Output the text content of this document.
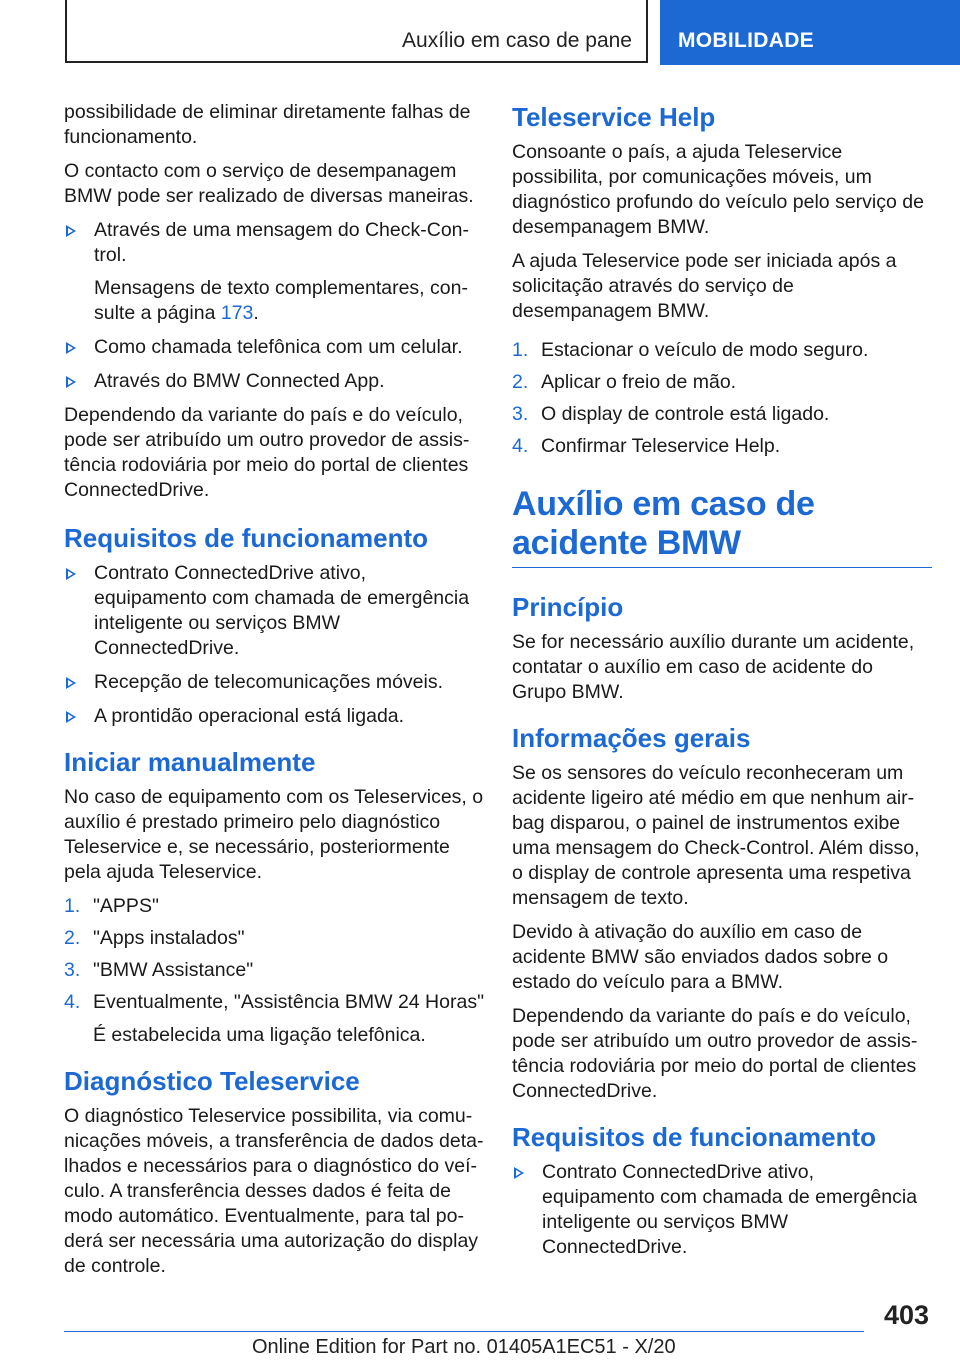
Auxílio em caso de pane MOBILIDADE

possibilidade de eliminar diretamente falhas de funcionamento.

O contacto com o serviço de desempanagem BMW pode ser realizado de diversas maneiras.

Através de uma mensagem do Check-Control.
Mensagens de texto complementares, consulte a página 173.
Como chamada telefônica com um celular.
Através do BMW Connected App.

Dependendo da variante do país e do veículo, pode ser atribuído um outro provedor de assistência rodoviária por meio do portal de clientes ConnectedDrive.

Requisitos de funcionamento
Contrato ConnectedDrive ativo, equipamento com chamada de emergência inteligente ou serviços BMW ConnectedDrive.
Recepção de telecomunicações móveis.
A prontidão operacional está ligada.
Iniciar manualmente

No caso de equipamento com os Teleservices, o auxílio é prestado primeiro pelo diagnóstico Teleservice e, se necessário, posteriormente pela ajuda Teleservice.

1. "APPS"
2. "Apps instalados"
3. "BMW Assistance"
4. Eventualmente, "Assistência BMW 24 Horas"
É estabelecida uma ligação telefônica.
Diagnóstico Teleservice

O diagnóstico Teleservice possibilita, via comunicações móveis, a transferência de dados detalhados e necessários para o diagnóstico do veículo. A transferência desses dados é feita de modo automático. Eventualmente, para tal poderá ser necessária uma autorização do display de controle.

Teleservice Help

Consoante o país, a ajuda Teleservice possibilita, por comunicações móveis, um diagnóstico profundo do veículo pelo serviço de desempanagem BMW.

A ajuda Teleservice pode ser iniciada após a solicitação através do serviço de desempanagem BMW.

1. Estacionar o veículo de modo seguro.
2. Aplicar o freio de mão.
3. O display de controle está ligado.
4. Confirmar Teleservice Help.
Auxílio em caso de acidente BMW
Princípio

Se for necessário auxílio durante um acidente, contatar o auxílio em caso de acidente do Grupo BMW.

Informações gerais

Se os sensores do veículo reconheceram um acidente ligeiro até médio em que nenhum airbag disparou, o painel de instrumentos exibe uma mensagem do Check-Control. Além disso, o display de controle apresenta uma respetiva mensagem de texto.

Devido à ativação do auxílio em caso de acidente BMW são enviados dados sobre o estado do veículo para a BMW.

Dependendo da variante do país e do veículo, pode ser atribuído um outro provedor de assistência rodoviária por meio do portal de clientes ConnectedDrive.

Requisitos de funcionamento
Contrato ConnectedDrive ativo, equipamento com chamada de emergência inteligente ou serviços BMW ConnectedDrive.
403
Online Edition for Part no. 01405A1EC51 - X/20
